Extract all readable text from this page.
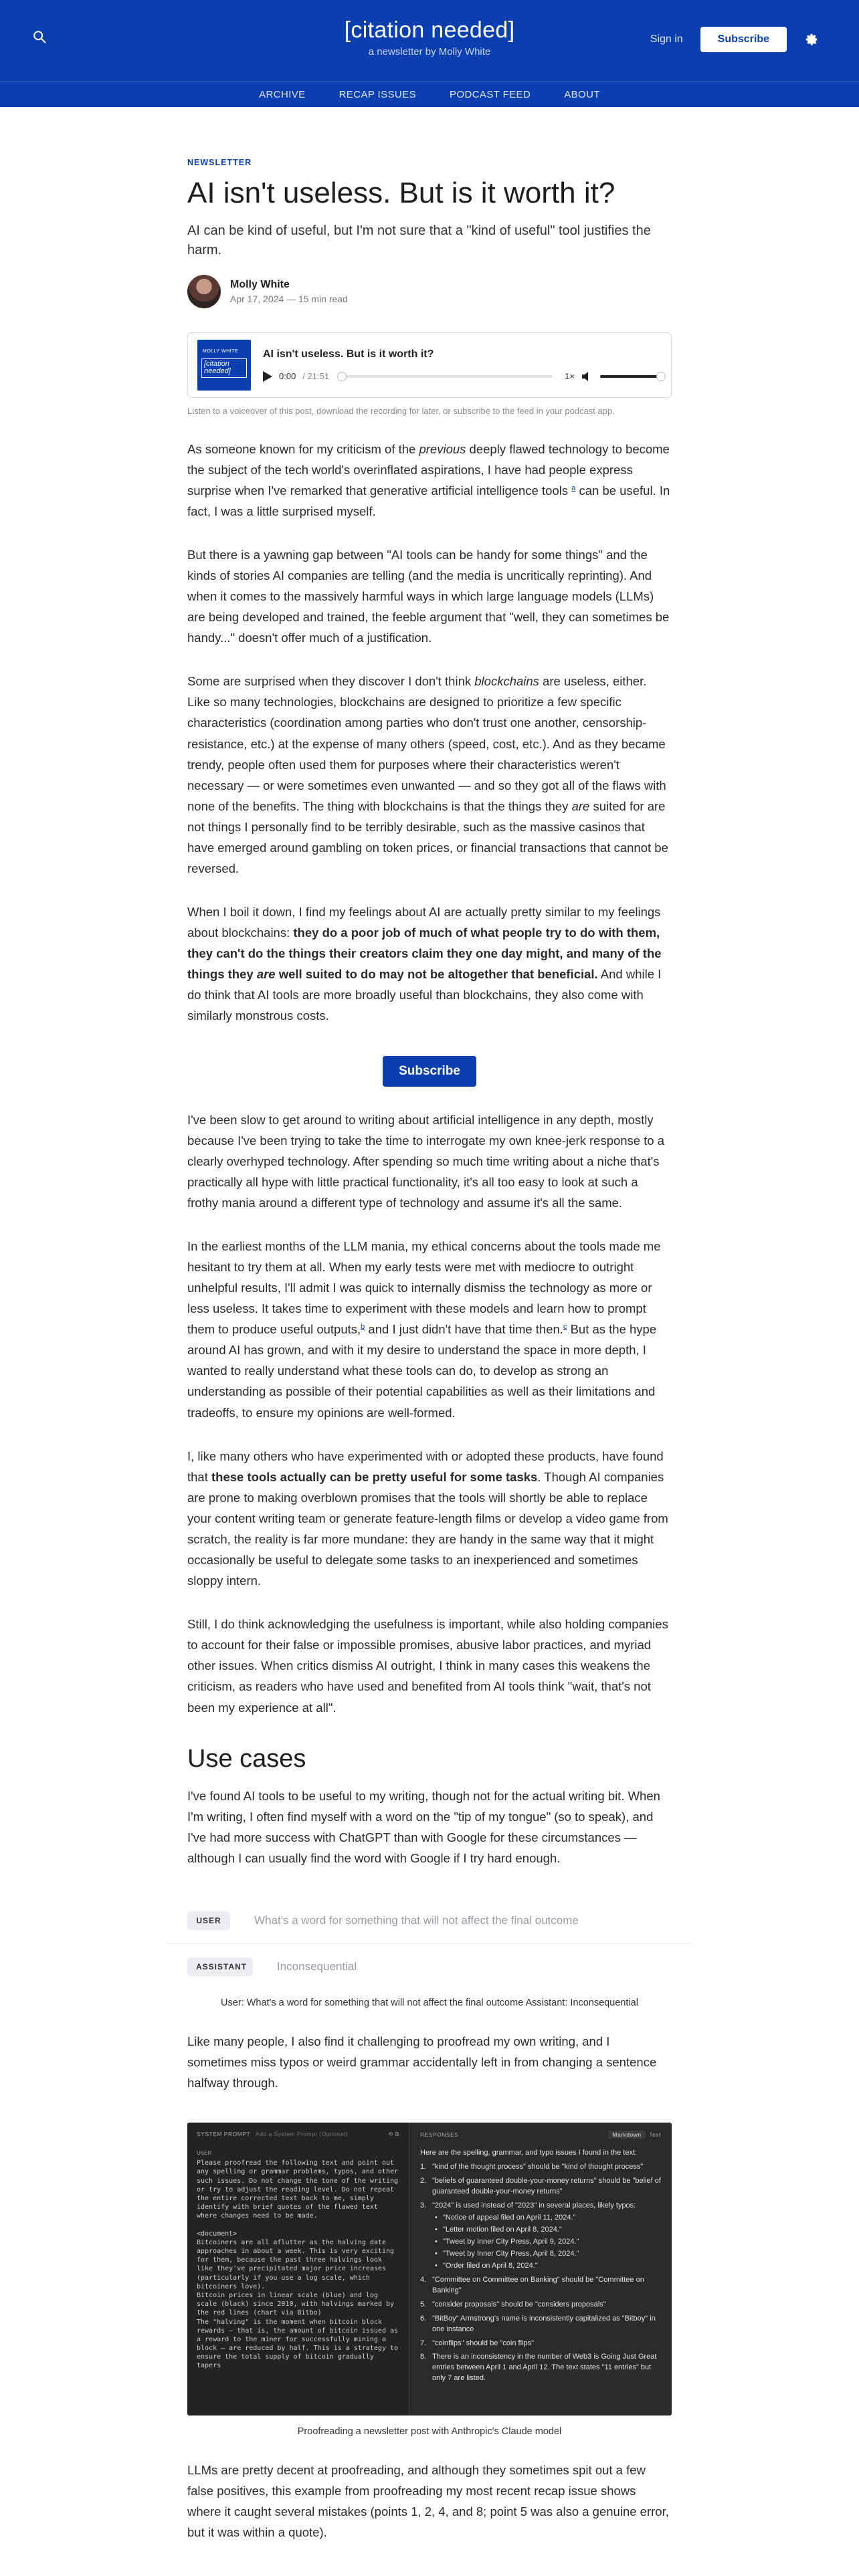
[citation needed]
a newsletter by Molly White
Sign in	Subscribe
ARCHIVE	RECAP ISSUES	PODCAST FEED	ABOUT
NEWSLETTER
AI isn't useless. But is it worth it?

AI can be kind of useful, but I'm not sure that a "kind of useful" tool justifies the harm.

Molly White
Apr 17, 2024 — 15 min read
MOLLY WHITE
[citation needed]
AI isn't useless. But is it worth it?
0:00 / 21:51	1×
Listen to a voiceover of this post, download the recording for later, or subscribe to the feed in your podcast app.

As someone known for my criticism of the previous deeply flawed technology to become the subject of the tech world's overinflated aspirations, I have had people express surprise when I've remarked that generative artificial intelligence tools $^a$ can be useful. In fact, I was a little surprised myself.

But there is a yawning gap between "AI tools can be handy for some things" and the kinds of stories AI companies are telling (and the media is uncritically reprinting). And when it comes to the massively harmful ways in which large language models (LLMs) are being developed and trained, the feeble argument that "well, they can sometimes be handy..." doesn't offer much of a justification.

Some are surprised when they discover I don't think blockchains are useless, either. Like so many technologies, blockchains are designed to prioritize a few specific characteristics (coordination among parties who don't trust one another, censorship-resistance, etc.) at the expense of many others (speed, cost, etc.). And as they became trendy, people often used them for purposes where their characteristics weren't necessary — or were sometimes even unwanted — and so they got all of the flaws with none of the benefits. The thing with blockchains is that the things they are suited for are not things I personally find to be terribly desirable, such as the massive casinos that have emerged around gambling on token prices, or financial transactions that cannot be reversed.

When I boil it down, I find my feelings about AI are actually pretty similar to my feelings about blockchains: they do a poor job of much of what people try to do with them, they can't do the things their creators claim they one day might, and many of the things they are well suited to do may not be altogether that beneficial. And while I do think that AI tools are more broadly useful than blockchains, they also come with similarly monstrous costs.

Subscribe

I've been slow to get around to writing about artificial intelligence in any depth, mostly because I've been trying to take the time to interrogate my own knee-jerk response to a clearly overhyped technology. After spending so much time writing about a niche that's practically all hype with little practical functionality, it's all too easy to look at such a frothy mania around a different type of technology and assume it's all the same.

In the earliest months of the LLM mania, my ethical concerns about the tools made me hesitant to try them at all. When my early tests were met with mediocre to outright unhelpful results, I'll admit I was quick to internally dismiss the technology as more or less useless. It takes time to experiment with these models and learn how to prompt them to produce useful outputs,$^b$ and I just didn't have that time then.$^c$ But as the hype around AI has grown, and with it my desire to understand the space in more depth, I wanted to really understand what these tools can do, to develop as strong an understanding as possible of their potential capabilities as well as their limitations and tradeoffs, to ensure my opinions are well-formed.

I, like many others who have experimented with or adopted these products, have found that these tools actually can be pretty useful for some tasks. Though AI companies are prone to making overblown promises that the tools will shortly be able to replace your content writing team or generate feature-length films or develop a video game from scratch, the reality is far more mundane: they are handy in the same way that it might occasionally be useful to delegate some tasks to an inexperienced and sometimes sloppy intern.

Still, I do think acknowledging the usefulness is important, while also holding companies to account for their false or impossible promises, abusive labor practices, and myriad other issues. When critics dismiss AI outright, I think in many cases this weakens the criticism, as readers who have used and benefited from AI tools think "wait, that's not been my experience at all".

Use cases

I've found AI tools to be useful to my writing, though not for the actual writing bit. When I'm writing, I often find myself with a word on the "tip of my tongue" (so to speak), and I've had more success with ChatGPT than with Google for these circumstances — although I can usually find the word with Google if I try hard enough.

USER	What's a word for something that will not affect the final outcome
ASSISTANT	Inconsequential
User: What's a word for something that will not affect the final outcome Assistant: Inconsequential

Like many people, I also find it challenging to proofread my own writing, and I sometimes miss typos or weird grammar accidentally left in from changing a sentence halfway through.

SYSTEM PROMPT Add a System Prompt (Optional)	⟲ ⧉
USER
Please proofread the following text and point out any spelling or grammar problems, typos, and other such issues. Do not change the tone of the writing or try to adjust the reading level. Do not repeat the entire corrected text back to me, simply identify with brief quotes of the flawed text where changes need to be made.

<document>
Bitcoiners are all aflutter as the halving date approaches in about a week. This is very exciting for them, because the past three halvings look like they've precipitated major price increases (particularly if you use a log scale, which bitcoiners love).
Bitcoin prices in linear scale (blue) and log scale (black) since 2010, with halvings marked by the red lines (chart via Bitbo)
The "halving" is the moment when bitcoin block rewards — that is, the amount of bitcoin issued as a reward to the miner for successfully mining a block — are reduced by half. This is a strategy to ensure the total supply of bitcoin gradually tapers
RESPONSES	Markdown Text
Here are the spelling, grammar, and typo issues I found in the text:
1. "kind of the thought process" should be "kind of thought process"
2. "beliefs of guaranteed double-your-money returns" should be "belief of guaranteed double-your-money returns"
3. "2024" is used instead of "2023" in several places, likely typos:
• "Notice of appeal filed on April 11, 2024."
• "Letter motion filed on April 8, 2024."
• "Tweet by Inner City Press, April 9, 2024."
• "Tweet by Inner City Press, April 8, 2024."
• "Order filed on April 8, 2024."
4. "Committee on Committee on Banking" should be "Committee on Banking"
5. "consider proposals" should be "considers proposals"
6. "BitBoy" Armstrong's name is inconsistently capitalized as "Bitboy" in one instance
7. "coinflips" should be "coin flips"
8. There is an inconsistency in the number of Web3 is Going Just Great entries between April 1 and April 12. The text states "11 entries" but only 7 are listed.
Proofreading a newsletter post with Anthropic's Claude model

LLMs are pretty decent at proofreading, and although they sometimes spit out a few false positives, this example from proofreading my most recent recap issue shows where it caught several mistakes (points 1, 2, 4, and 8; point 5 was also a genuine error, but it was within a quote).
